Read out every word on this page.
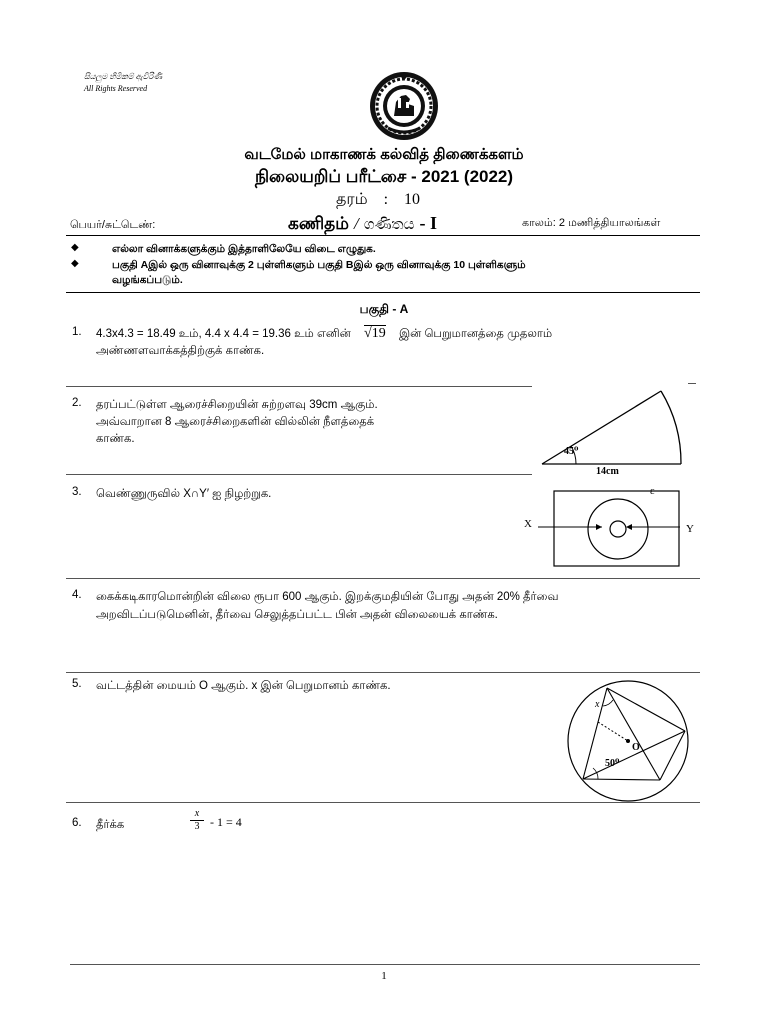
සියලුම හිමිකම් ඇවිරිණි
All Rights Reserved
வடமேல் மாகாணக் கல்வித் திணைக்களம்
நிலையறிப் பரீட்சை - 2021 (2022)
தரம் : 10
பெயர்/சுட்டெண்:	கணிதம் / ගණිතය - I	காலம்: 2 மணித்தியாலங்கள்
◆	எல்லா வினாக்களுக்கும் இத்தாளிலேயே விடை எழுதுக.
◆	பகுதி Aஇல் ஒரு வினாவுக்கு 2 புள்ளிகளும் பகுதி Bஇல் ஒரு வினாவுக்கு 10 புள்ளிகளும்
வழங்கப்படும்.
பகுதி - A
1. 4.3x4.3 = 18.49 உம், 4.4 x 4.4 = 19.36 உம் எனின் √19 இன் பெறுமானத்தை முதலாம்
அண்ணளவாக்கத்திற்குக் காண்க.
2. தரப்பட்டுள்ள ஆரைச்சிறையின் சுற்றளவு 39cm ஆகும்.
அவ்வாறான 8 ஆரைச்சிறைகளின் வில்லின் நீளத்தைக்
காண்க.
45⁰
14cm
3. வெண்ணுருவில் X∩Y′ ஐ நிழற்றுக.	ε
X	Y
4. கைக்கடிகாரமொன்றின் விலை ரூபா 600 ஆகும். இறக்குமதியின் போது அதன் 20% தீர்வை
அறவிடப்படுமெனின், தீர்வை செலுத்தப்பட்ட பின் அதன் விலையைக் காண்க.
5. வட்டத்தின் மையம் O ஆகும். x இன் பெறுமானம் காண்க.
x
O
50⁰
6. தீர்க்க	$\frac{x}{3} - 1 = 4$
1
